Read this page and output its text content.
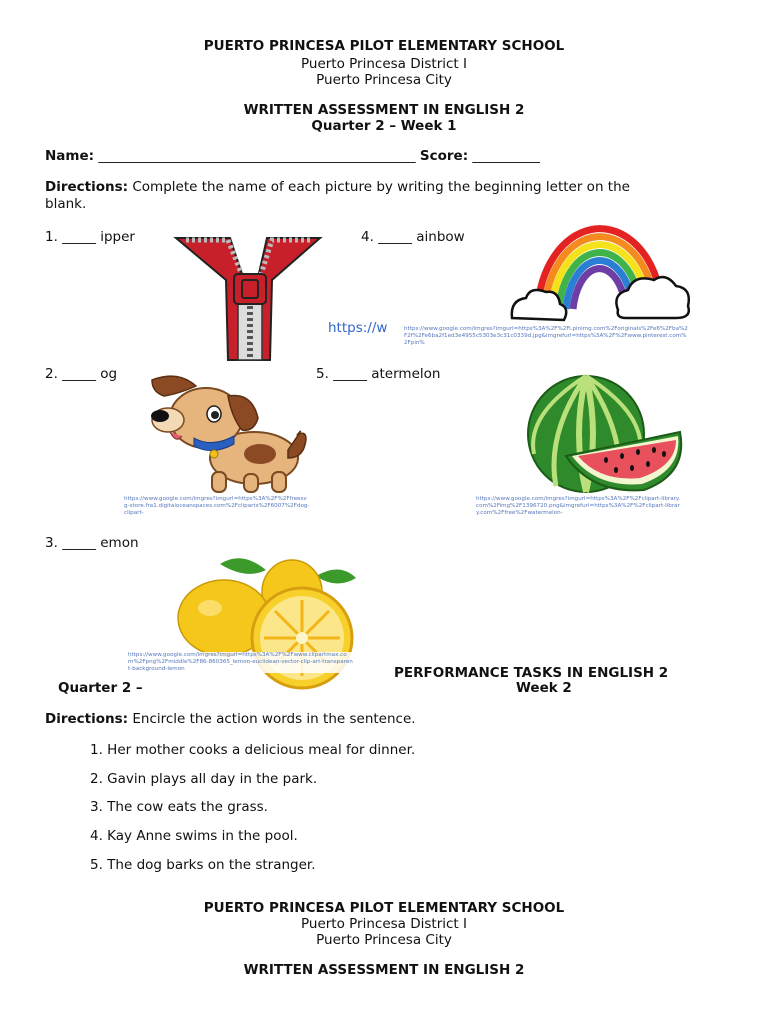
PUERTO PRINCESA PILOT ELEMENTARY SCHOOL
Puerto Princesa District I
Puerto Princesa City
WRITTEN ASSESSMENT IN ENGLISH 2
Quarter 2 – Week 1
Name: _______________________________________________ Score: __________
Directions: Complete the name of each picture by writing the beginning letter on the
blank.
1. _____ ipper	4. _____ ainbow
https://w	https://www.google.com/imgres?imgurl=https%3A%2F%2Fi.pinimg.com%2Foriginals%2Fe6%2Fba%2F2f%2Fe6ba2f1ed3e4955c5303e3c31c0339d.jpg&imgrefurl=https%3A%2F%2Fwww.pinterest.com%2Fpin%
2. _____ og
https://www.google.com/imgres?imgurl=https%3A%2F%2Ffreesvg-store.fra1.digitaloceanspaces.com%2Fcliparts%2F6007%2Fdog-clipart-
5. _____ atermelon
https://www.google.com/imgres?imgurl=https%3A%2F%2Fclipart-library.com%2Fimg%2F1396720.png&imgrefurl=https%3A%2F%2Fclipart-library.com%2Ffree%2Fwatermelon-
3. _____ emon
https://www.google.com/imgres?imgurl=https%3A%2F%2Fwww.clipartmax.com%2Fpng%2Fmiddle%2F86-860365_lemon-euclidean-vector-clip-art-transparent-background-lemon	PERFORMANCE TASKS IN ENGLISH 2
Quarter 2 –	Week 2
Directions: Encircle the action words in the sentence.
1. Her mother cooks a delicious meal for dinner.
2. Gavin plays all day in the park.
3. The cow eats the grass.
4. Kay Anne swims in the pool.
5. The dog barks on the stranger.
PUERTO PRINCESA PILOT ELEMENTARY SCHOOL
Puerto Princesa District I
Puerto Princesa City
WRITTEN ASSESSMENT IN ENGLISH 2
